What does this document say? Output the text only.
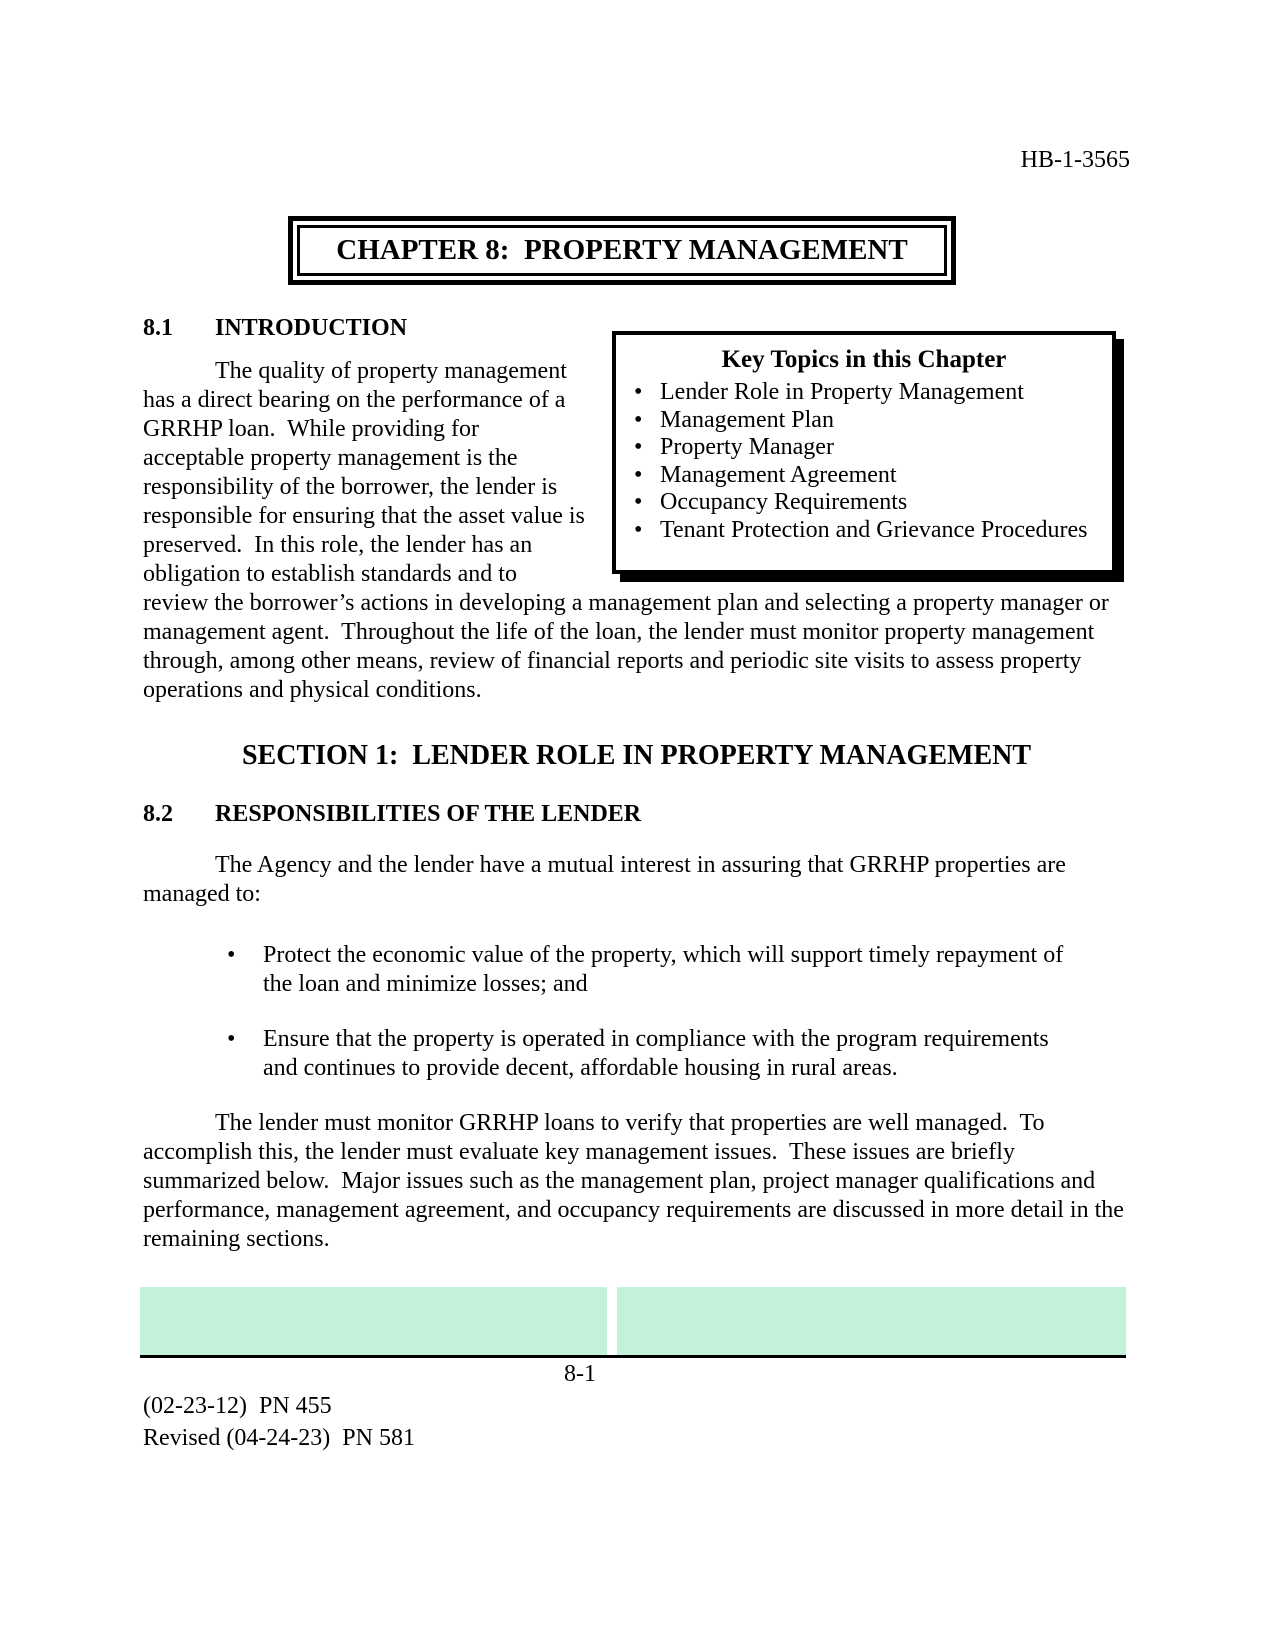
HB-1-3565
CHAPTER 8:  PROPERTY MANAGEMENT
8.1	INTRODUCTION
Key Topics in this Chapter
• Lender Role in Property Management
• Management Plan
• Property Manager
• Management Agreement
• Occupancy Requirements
• Tenant Protection and Grievance Procedures

The quality of property management has a direct bearing on the performance of a GRRHP loan.  While providing for acceptable property management is the responsibility of the borrower, the lender is responsible for ensuring that the asset value is preserved.  In this role, the lender has an obligation to establish standards and to review the borrower’s actions in developing a management plan and selecting a property manager or management agent.  Throughout the life of the loan, the lender must monitor property management through, among other means, review of financial reports and periodic site visits to assess property operations and physical conditions.

SECTION 1:  LENDER ROLE IN PROPERTY MANAGEMENT
8.2	RESPONSIBILITIES OF THE LENDER

The Agency and the lender have a mutual interest in assuring that GRRHP properties are managed to:

• Protect the economic value of the property, which will support timely repayment of the loan and minimize losses; and
• Ensure that the property is operated in compliance with the program requirements and continues to provide decent, affordable housing in rural areas.

The lender must monitor GRRHP loans to verify that properties are well managed.  To accomplish this, the lender must evaluate key management issues.  These issues are briefly summarized below.  Major issues such as the management plan, project manager qualifications and performance, management agreement, and occupancy requirements are discussed in more detail in the remaining sections.

8-1
(02-23-12)  PN 455
Revised (04-24-23)  PN 581
